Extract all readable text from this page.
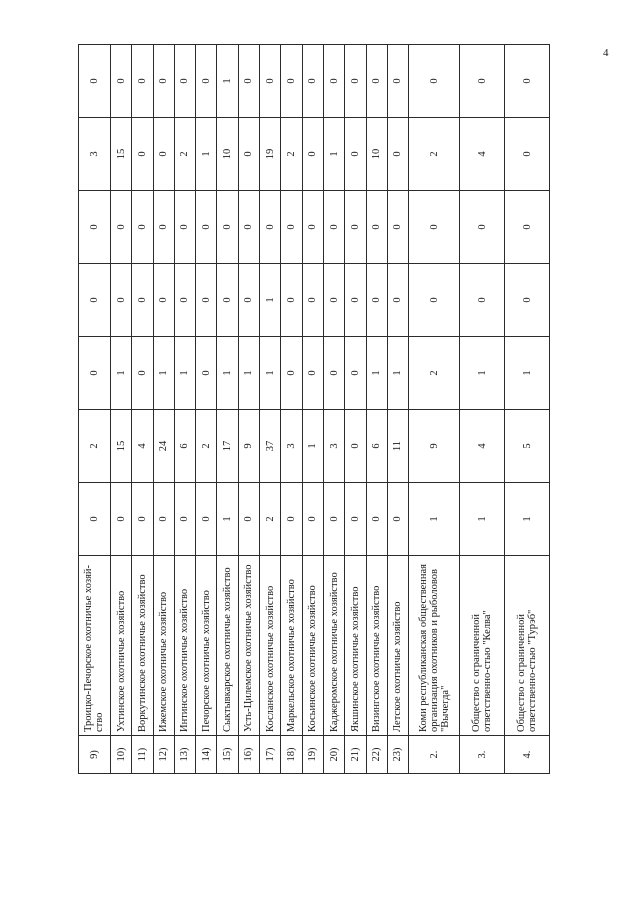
4
9)	Троицко-Печорское охотничье хозяй-ство	0	2	0	0	0	3	0
10)	Ухтинское охотничье хозяйство	0	15	1	0	0	15	0
11)	Воркутинское охотничье хозяйство	0	4	0	0	0	0	0
12)	Ижемское охотничье хозяйство	0	24	1	0	0	0	0
13)	Интинское охотничье хозяйство	0	6	1	0	0	2	0
14)	Печорское охотничье хозяйство	0	2	0	0	0	1	0
15)	Сыктывкарское охотничье хозяйство	1	17	1	0	0	10	1
16)	Усть-Цилемское охотничье хозяйство	0	9	1	0	0	0	0
17)	Косланское охотничье хозяйство	2	37	1	1	0	19	0
18)	Маркельское охотничье хозяйство	0	3	0	0	0	2	0
19)	Косьинское охотничье хозяйство	0	1	0	0	0	0	0
20)	Каджеромское охотничье хозяйство	0	3	0	0	0	1	0
21)	Якшинское охотничье хозяйство	0	0	0	0	0	0	0
22)	Визингское охотничье хозяйство	0	6	1	0	0	10	0
23)	Летское охотничье хозяйство	0	11	1	0	0	0	0
2.	Коми республиканская общественная организация охотников и рыболовов "Вычегда"	1	9	2	0	0	2	0
3.	Общество с ограниченной ответственно-стью "Келва"	1	4	1	0	0	4	0
4.	Общество с ограниченной ответственно-стью "Турэб"	1	5	1	0	0	0	0
